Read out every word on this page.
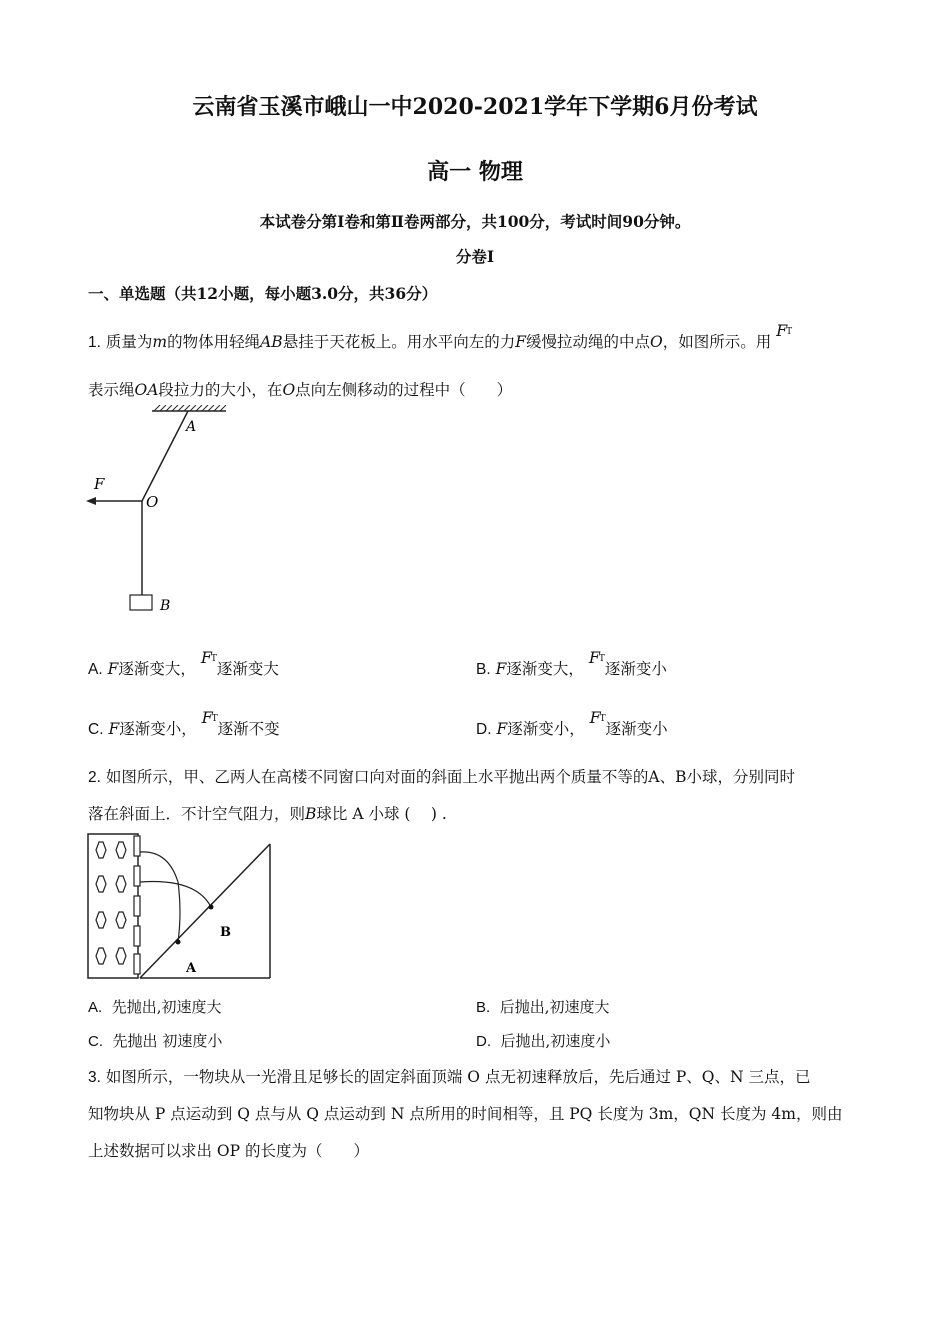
云南省玉溪市峨山一中2020-2021学年下学期6月份考试
高一 物理
本试卷分第Ⅰ卷和第Ⅱ卷两部分，共100分，考试时间90分钟。
分卷I
一、单选题（共12小题，每小题3.0分，共36分）
1. 质量为m的物体用轻绳AB悬挂于天花板上。用水平向左的力F缓慢拉动绳的中点O，如图所示。用
F
T
表示绳OA段拉力的大小，在O点向左侧移动的过程中（　　）
A
F
O
B
A. F逐渐变大，
F
T
逐渐变大	B. F逐渐变大，
F
T
逐渐变小
C. F逐渐变小，
F
T
逐渐不变	D. F逐渐变小，
F
T
逐渐变小
2. 如图所示，甲、乙两人在高楼不同窗口向对面的斜面上水平抛出两个质量不等的A、B小球，分别同时
落在斜面上．不计空气阻力，则B球比 A 小球 (　 ) .
B
A
A. 先抛出,初速度大	B. 后抛出,初速度大
C. 先抛出 初速度小	D. 后抛出,初速度小
3. 如图所示，一物块从一光滑且足够长的固定斜面顶端 O 点无初速释放后，先后通过 P、Q、N 三点，已
知物块从 P 点运动到 Q 点与从 Q 点运动到 N 点所用的时间相等，且 PQ 长度为 3m，QN 长度为 4m，则由
上述数据可以求出 OP 的长度为（　　）
